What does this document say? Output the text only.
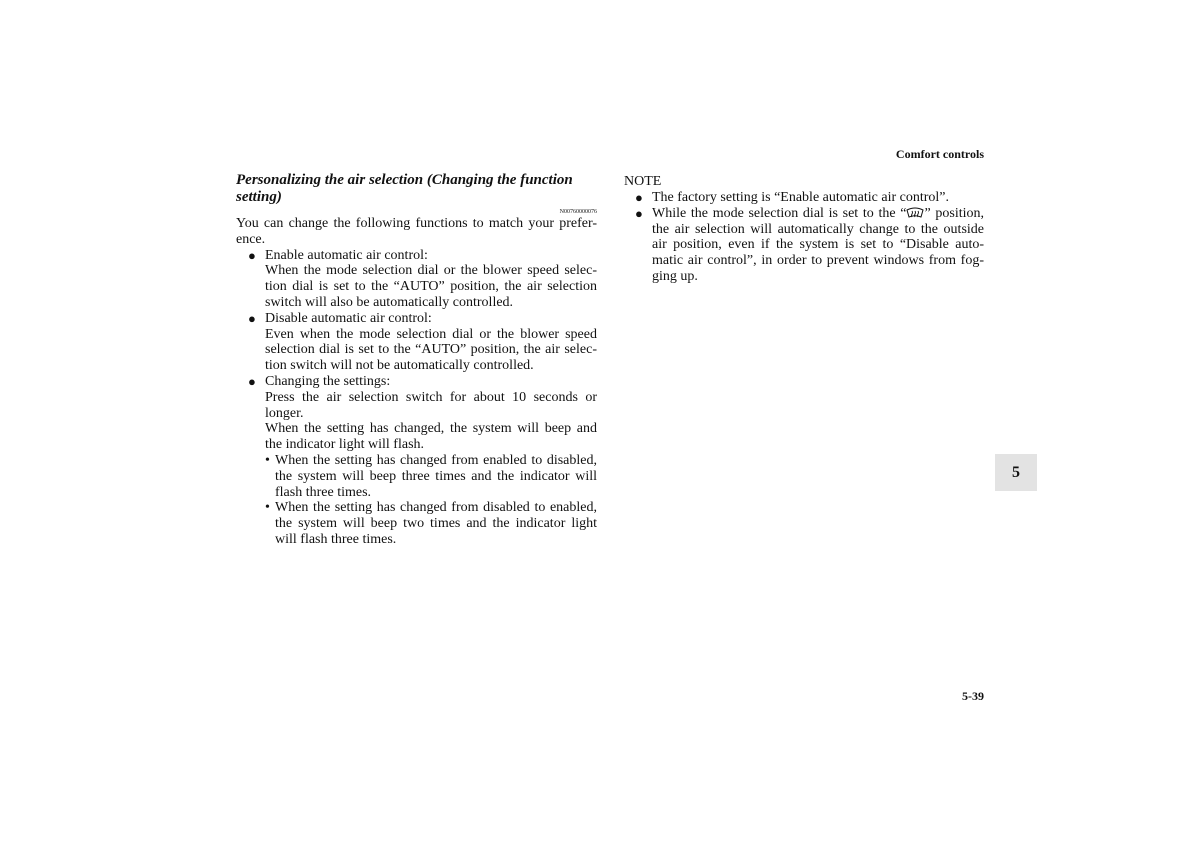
Comfort controls
Personalizing the air selection (Changing the function setting)
N00760000076

You can change the following functions to match your prefer-ence.

● Enable automatic air control:

When the mode selection dial or the blower speed selec-tion dial is set to the “AUTO” position, the air selection switch will also be automatically controlled.

● Disable automatic air control:

Even when the mode selection dial or the blower speed selection dial is set to the “AUTO” position, the air selec-tion switch will not be automatically controlled.

● Changing the settings:

Press the air selection switch for about 10 seconds or longer.

When the setting has changed, the system will beep and the indicator light will flash.

• When the setting has changed from enabled to disabled, the system will beep three times and the indicator will flash three times.

• When the setting has changed from disabled to enabled, the system will beep two times and the indicator light will flash three times.

NOTE
● The factory setting is “Enable automatic air control”.

● While the mode selection dial is set to the “ ” position, the air selection will automatically change to the outside air position, even if the system is set to “Disable auto-matic air control”, in order to prevent windows from fog-ging up.

5
5-39
